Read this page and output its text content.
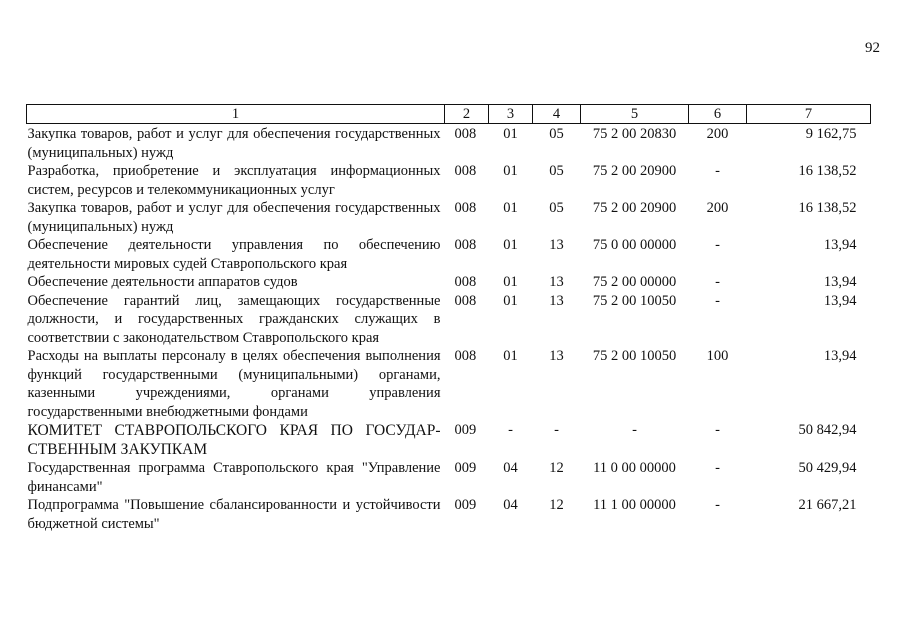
92
1	2	3	4	5	6	7
Закупка товаров, работ и услуг для обеспечения государственных (муниципальных) нужд	008	01	05	75 2 00 20830	200	9 162,75
Разработка, приобретение и эксплуатация информационных систем, ресурсов и телекоммуникационных услуг	008	01	05	75 2 00 20900	-	16 138,52
Закупка товаров, работ и услуг для обеспечения государственных (муниципальных) нужд	008	01	05	75 2 00 20900	200	16 138,52
Обеспечение деятельности управления по обеспечению деятельности мировых судей Ставропольского края	008	01	13	75 0 00 00000	-	13,94
Обеспечение деятельности аппаратов судов	008	01	13	75 2 00 00000	-	13,94
Обеспечение гарантий лиц, замещающих государственные должности, и государственных гражданских служащих в соответствии с законодательством Ставропольского края	008	01	13	75 2 00 10050	-	13,94
Расходы на выплаты персоналу в целях обеспечения выполнения функций государственными (муниципальными) органами, казенными учреждениями, органами управления государственными внебюджетными фондами	008	01	13	75 2 00 10050	100	13,94
КОМИТЕТ СТАВРОПОЛЬСКОГО КРАЯ ПО ГОСУДАР-СТВЕННЫМ ЗАКУПКАМ	009	-	-	-	-	50 842,94
Государственная программа Ставропольского края "Управление финансами"	009	04	12	11 0 00 00000	-	50 429,94
Подпрограмма "Повышение сбалансированности и устойчивости бюджетной системы"	009	04	12	11 1 00 00000	-	21 667,21
